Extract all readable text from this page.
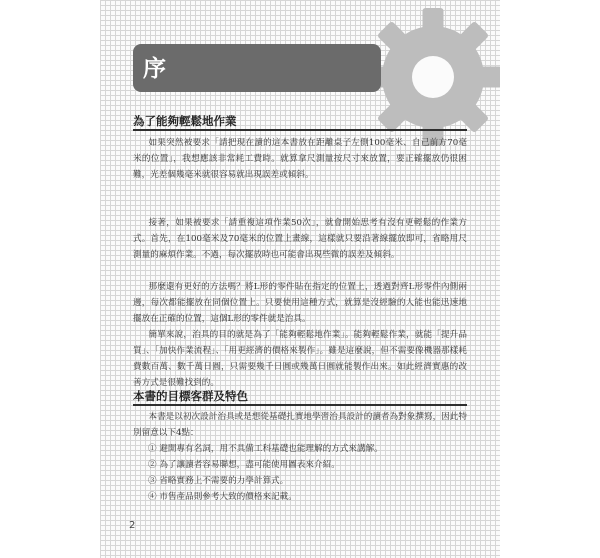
序
為了能夠輕鬆地作業

如果突然被要求「請把現在讀的這本書放在距離桌子左側100毫米、自己前方70毫米的位置」，我想應該非常耗工費時。就算拿尺測量按尺寸來放置，要正確擺放仍很困難，光差個幾毫米就很容易就出現誤差或傾斜。

接著，如果被要求「請重複這項作業50次」，就會開始思考有沒有更輕鬆的作業方式。首先，在100毫米及70毫米的位置上畫線，這樣就只要沿著線擺放即可，省略用尺測量的麻煩作業。不過，每次擺放時也可能會出現些微的誤差及傾斜。

那麼還有更好的方法嗎？將L形的零件貼在指定的位置上，透過對齊L形零件內側兩邊，每次都能擺放在同個位置上。只要使用這種方式，就算是沒經驗的人能也能迅速地擺放在正確的位置，這個L形的零件就是治具。

簡單來說，治具的目的就是為了「能夠輕鬆地作業」。能夠輕鬆作業，就能「提升品質」、「加快作業流程」、「用更經濟的價格來製作」。雖是這麼說，但不需要像機器那樣耗費數百萬、數千萬日圓，只需要幾千日圓或幾萬日圓就能製作出來。如此經濟實惠的改善方式是很難找到的。

本書的目標客群及特色

本書是以初次設計治具或是想從基礎扎實地學習治具設計的讀者為對象撰寫，因此特別留意以下4點：

① 避開專有名詞，用不具備工科基礎也能理解的方式來講解。
② 為了讓讀者容易聯想，盡可能使用圖表來介紹。
③ 省略實務上不需要的力學計算式。
④ 市售產品則參考大致的價格來記載。
2
